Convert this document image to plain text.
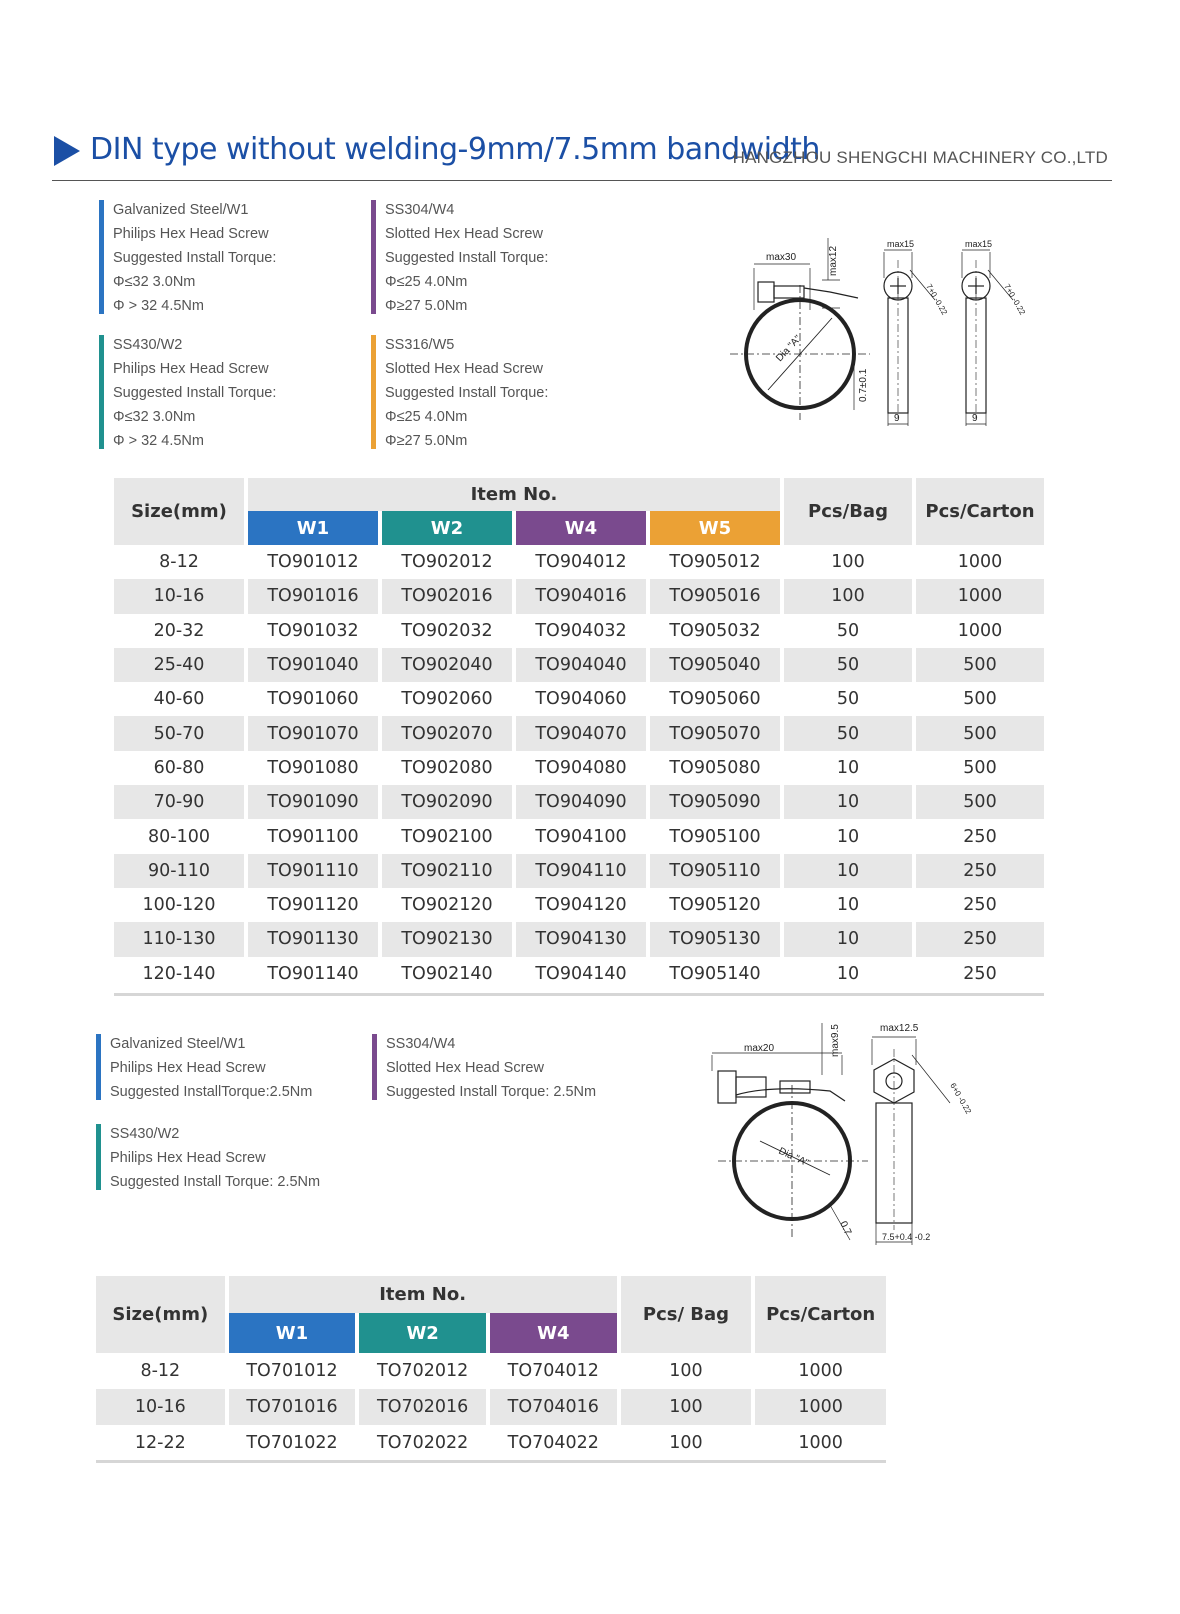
DIN type without welding-9mm/7.5mm bandwidth
HANGZHOU SHENGCHI MACHINERY CO.,LTD
Galvanized Steel/W1
Philips Hex Head Screw
Suggested Install Torque:
Φ≤32 3.0Nm
Φ > 32 4.5Nm
SS304/W4
Slotted Hex Head Screw
Suggested Install Torque:
Φ≤25 4.0Nm
Φ≥27 5.0Nm
SS430/W2
Philips Hex Head Screw
Suggested Install Torque:
Φ≤32 3.0Nm
Φ > 32 4.5Nm
SS316/W5
Slotted Hex Head Screw
Suggested Install Torque:
Φ≤25 4.0Nm
Φ≥27 5.0Nm
max30	max12
Dia "A"
0.7±0.1
max15	max15
7+0 -0.22	7+0 -0.22
9	9
Size(mm)	Item No.				Pcs/Bag	Pcs/Carton
	W1	W2	W4	W5		
8-12	TO901012	TO902012	TO904012	TO905012	100	1000
10-16	TO901016	TO902016	TO904016	TO905016	100	1000
20-32	TO901032	TO902032	TO904032	TO905032	50	1000
25-40	TO901040	TO902040	TO904040	TO905040	50	500
40-60	TO901060	TO902060	TO904060	TO905060	50	500
50-70	TO901070	TO902070	TO904070	TO905070	50	500
60-80	TO901080	TO902080	TO904080	TO905080	10	500
70-90	TO901090	TO902090	TO904090	TO905090	10	500
80-100	TO901100	TO902100	TO904100	TO905100	10	250
90-110	TO901110	TO902110	TO904110	TO905110	10	250
100-120	TO901120	TO902120	TO904120	TO905120	10	250
110-130	TO901130	TO902130	TO904130	TO905130	10	250
120-140	TO901140	TO902140	TO904140	TO905140	10	250
Galvanized Steel/W1
Philips Hex Head Screw
Suggested InstallTorque:2.5Nm
SS304/W4
Slotted Hex Head Screw
Suggested Install Torque: 2.5Nm
SS430/W2
Philips Hex Head Screw
Suggested Install Torque: 2.5Nm
max20	max9.5
Dia "A"
0.7
max12.5
6+0 -0.22
7.5+0.4 -0.2
Size(mm)	Item No.			Pcs/ Bag	Pcs/Carton
	W1	W2	W4		
8-12	TO701012	TO702012	TO704012	100	1000
10-16	TO701016	TO702016	TO704016	100	1000
12-22	TO701022	TO702022	TO704022	100	1000
